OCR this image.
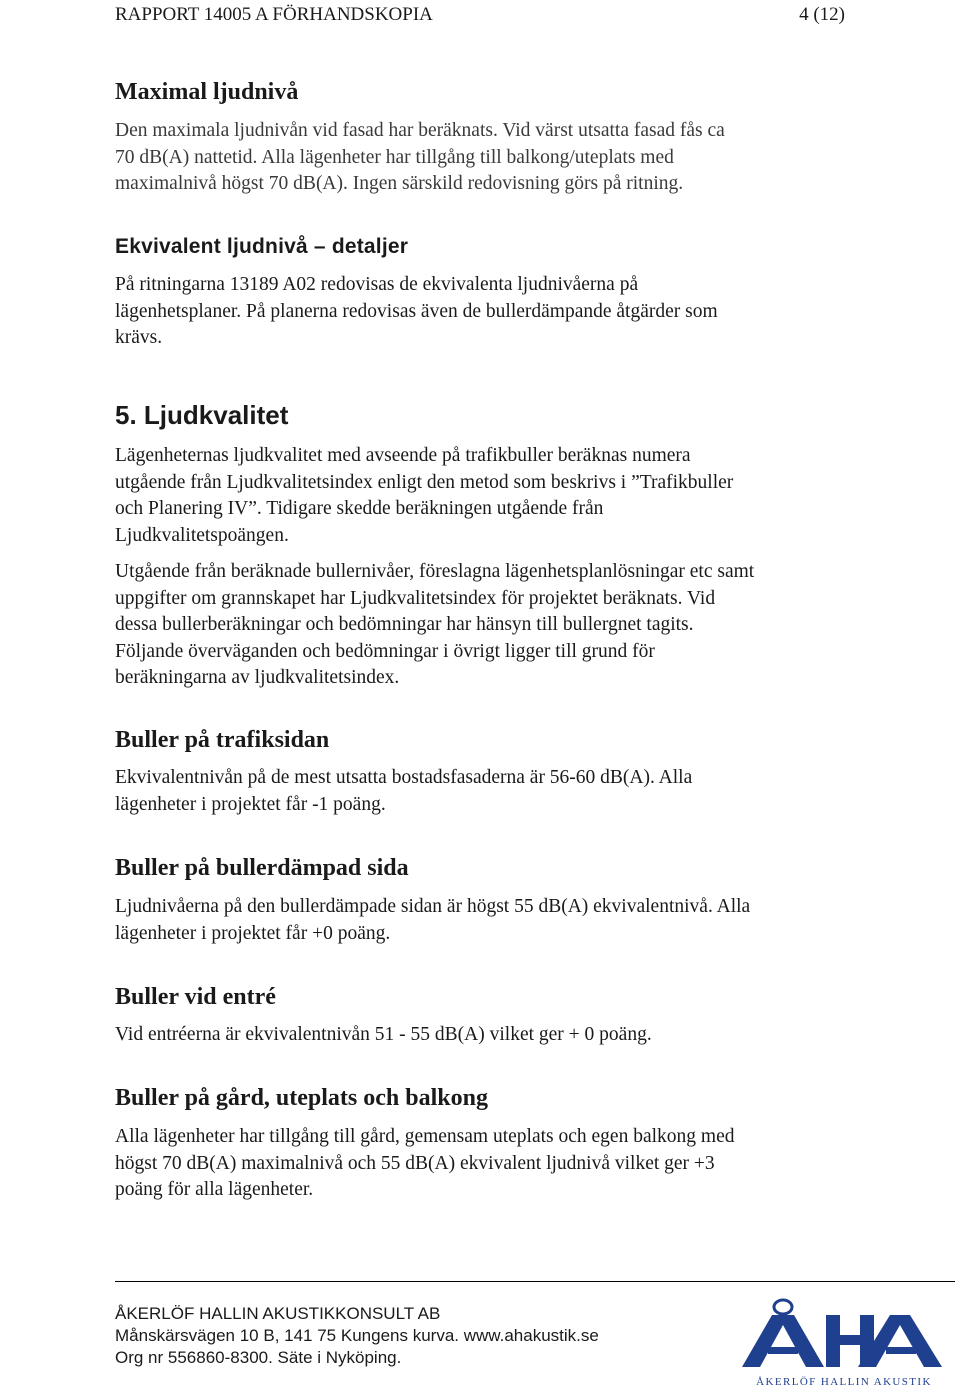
RAPPORT 14005 A FÖRHANDSKOPIA	4 (12)
Maximal ljudnivå
Den maximala ljudnivån vid fasad har beräknats. Vid värst utsatta fasad fås ca
70 dB(A) nattetid. Alla lägenheter har tillgång till balkong/uteplats med
maximalnivå högst 70 dB(A). Ingen särskild redovisning görs på ritning.
Ekvivalent ljudnivå – detaljer
På ritningarna 13189 A02 redovisas de ekvivalenta ljudnivåerna på
lägenhetsplaner. På planerna redovisas även de bullerdämpande åtgärder som
krävs.
5. Ljudkvalitet
Lägenheternas ljudkvalitet med avseende på trafikbuller beräknas numera
utgående från Ljudkvalitetsindex enligt den metod som beskrivs i ”Trafikbuller
och Planering IV”. Tidigare skedde beräkningen utgående från
Ljudkvalitetspoängen.
Utgående från beräknade bullernivåer, föreslagna lägenhetsplanlösningar etc samt
uppgifter om grannskapet har Ljudkvalitetsindex för projektet beräknats. Vid
dessa bullerberäkningar och bedömningar har hänsyn till bullergnet tagits.
Följande överväganden och bedömningar i övrigt ligger till grund för
beräkningarna av ljudkvalitetsindex.
Buller på trafiksidan
Ekvivalentnivån på de mest utsatta bostadsfasaderna är 56-60 dB(A). Alla
lägenheter i projektet får -1 poäng.
Buller på bullerdämpad sida
Ljudnivåerna på den bullerdämpade sidan är högst 55 dB(A) ekvivalentnivå. Alla
lägenheter i projektet får +0 poäng.
Buller vid entré
Vid entréerna är ekvivalentnivån 51 - 55 dB(A) vilket ger + 0 poäng.
Buller på gård, uteplats och balkong
Alla lägenheter har tillgång till gård, gemensam uteplats och egen balkong med
högst 70 dB(A) maximalnivå och 55 dB(A) ekvivalent ljudnivå vilket ger +3
poäng för alla lägenheter.
ÅKERLÖF HALLIN AKUSTIKKONSULT AB
Månskärsvägen 10 B, 141 75 Kungens kurva. www.ahakustik.se
Org nr 556860-8300. Säte i Nyköping.
ÅKERLÖF HALLIN AKUSTIK
